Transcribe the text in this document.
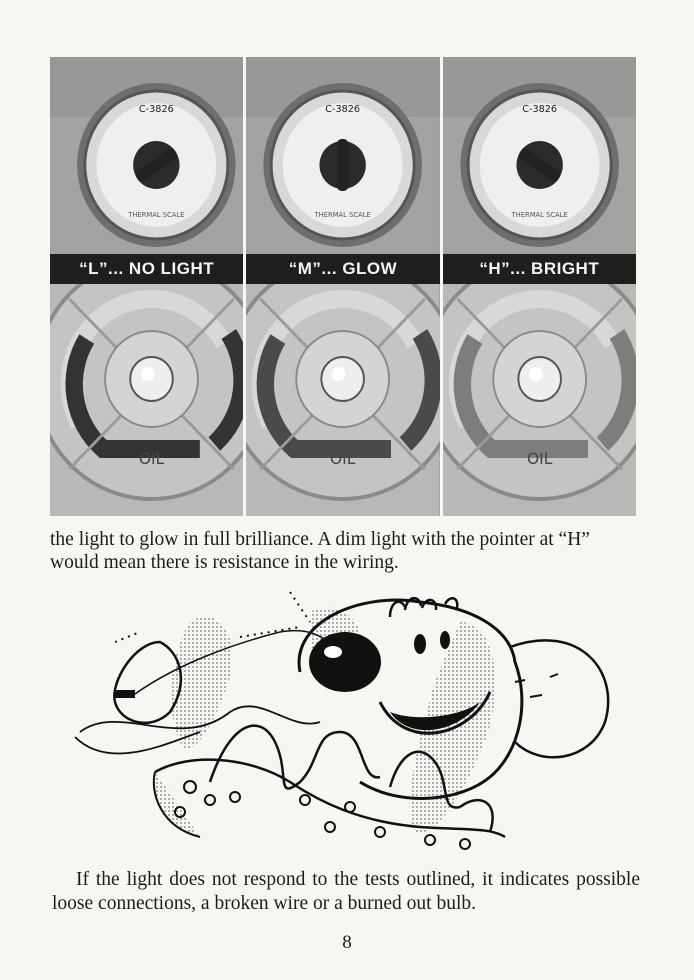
C-3826
THERMAL SCALE
“L”... NO LIGHT
OIL
C-3826
THERMAL SCALE
“M”... GLOW
OIL
C-3826
THERMAL SCALE
“H”... BRIGHT
OIL

the light to glow in full brilliance. A dim light with the pointer at “H” would mean there is resistance in the wiring.

If the light does not respond to the tests outlined, it indicates possible loose connections, a broken wire or a burned out bulb.

8
